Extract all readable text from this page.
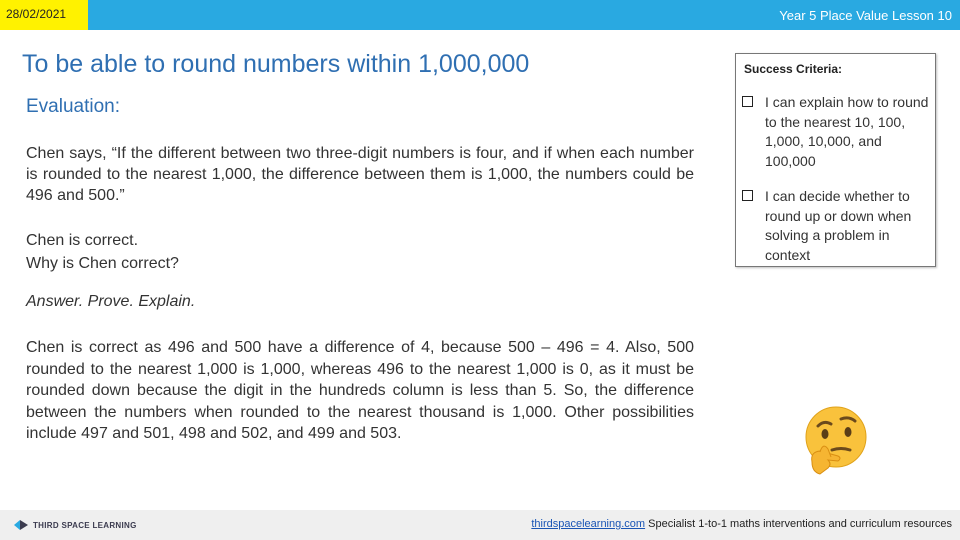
28/02/2021	Year 5 Place Value Lesson 10
To be able to round numbers within 1,000,000
Evaluation:
Chen says, “If the different between two three-digit numbers is four, and if when each number is rounded to the nearest 1,000, the difference between them is 1,000, the numbers could be 496 and 500.”
Chen is correct.
Why is Chen correct?
Answer. Prove. Explain.
Chen is correct as 496 and 500 have a difference of 4, because 500 – 496 = 4. Also, 500 rounded to the nearest 1,000 is 1,000, whereas 496 to the nearest 1,000 is 0, as it must be rounded down because the digit in the hundreds column is less than 5. So, the difference between the numbers when rounded to the nearest thousand is 1,000. Other possibilities include 497 and 501, 498 and 502, and 499 and 503.
Success Criteria:
I can explain how to round to the nearest 10, 100, 1,000, 10,000, and 100,000
I can decide whether to round up or down when solving a problem in context
THIRD SPACE LEARNING	thirdspacelearning.com Specialist 1-to-1 maths interventions and curriculum resources
